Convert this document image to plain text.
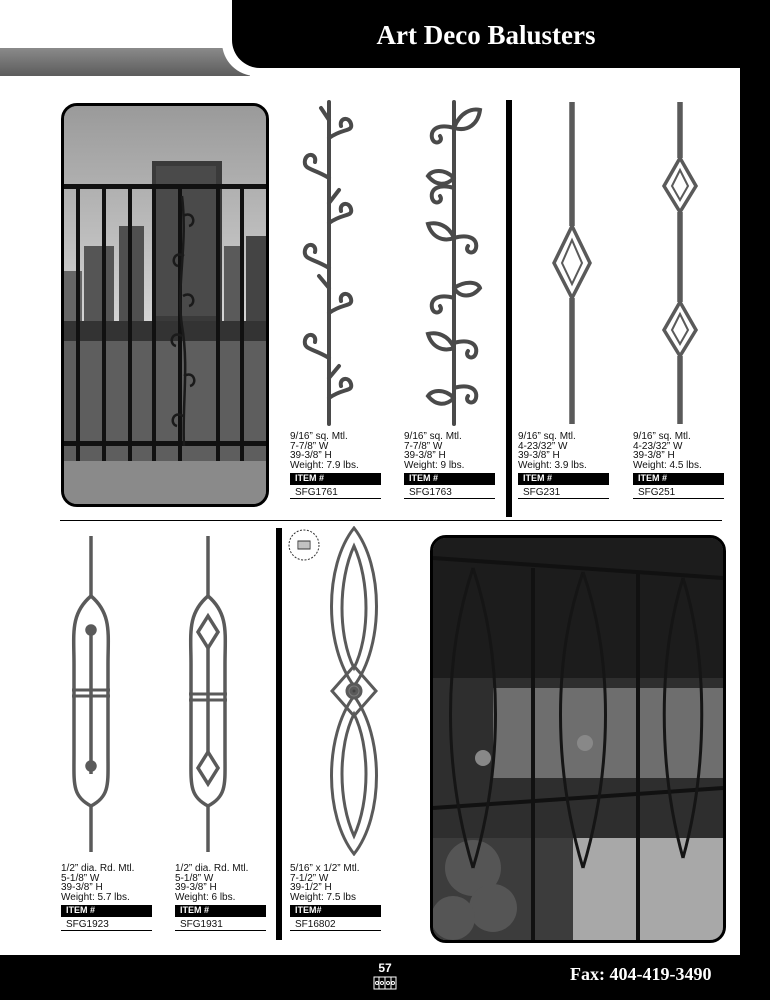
Art Deco Balusters
9/16” sq. Mtl.
7-7/8” W
39-3/8” H
Weight: 7.9 lbs.
ITEM #
SFG1761
9/16” sq. Mtl.
7-7/8” W
39-3/8” H
Weight: 9 lbs.
ITEM #
SFG1763
9/16” sq. Mtl.
4-23/32” W
39-3/8” H
Weight: 3.9 lbs.
ITEM #
SFG231
9/16” sq. Mtl.
4-23/32” W
39-3/8” H
Weight: 4.5 lbs.
ITEM #
SFG251
1/2” dia. Rd. Mtl.
5-1/8” W
39-3/8” H
Weight: 5.7 lbs.
ITEM #
SFG1923
1/2” dia. Rd. Mtl.
5-1/8” W
39-3/8” H
Weight: 6 lbs.
ITEM #
SFG1931
5/16” x 1/2” Mtl.
7-1/2” W
39-1/2” H
Weight: 7.5 lbs
ITEM#
SF16802
57	Fax: 404-419-3490
